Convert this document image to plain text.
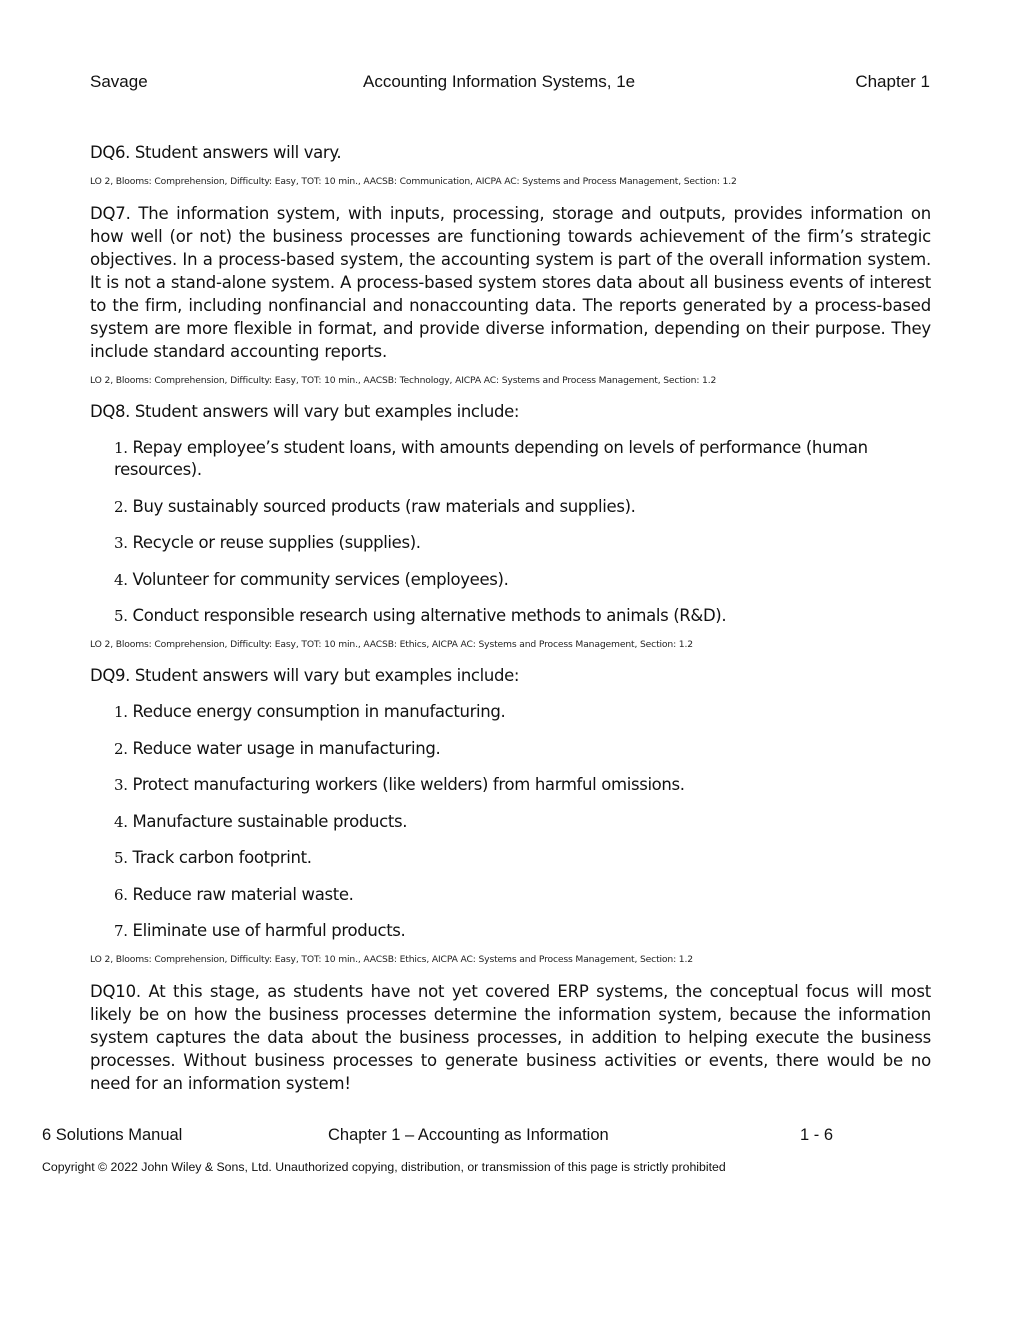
Savage	Accounting Information Systems, 1e	Chapter 1

DQ6. Student answers will vary.

LO 2, Blooms: Comprehension, Difficulty: Easy, TOT: 10 min., AACSB: Communication, AICPA AC: Systems and Process Management, Section: 1.2

DQ7. The information system, with inputs, processing, storage and outputs, provides information on how well (or not) the business processes are functioning towards achievement of the firm’s strategic objectives. In a process-based system, the accounting system is part of the overall information system. It is not a stand-alone system. A process-based system stores data about all business events of interest to the firm, including nonfinancial and nonaccounting data. The reports generated by a process-based system are more flexible in format, and provide diverse information, depending on their purpose. They include standard accounting reports.

LO 2, Blooms: Comprehension, Difficulty: Easy, TOT: 10 min., AACSB: Technology, AICPA AC: Systems and Process Management, Section: 1.2

DQ8. Student answers will vary but examples include:

1. Repay employee’s student loans, with amounts depending on levels of performance (human resources).
2. Buy sustainably sourced products (raw materials and supplies).
3. Recycle or reuse supplies (supplies).
4. Volunteer for community services (employees).
5. Conduct responsible research using alternative methods to animals (R&D).
LO 2, Blooms: Comprehension, Difficulty: Easy, TOT: 10 min., AACSB: Ethics, AICPA AC: Systems and Process Management, Section: 1.2

DQ9. Student answers will vary but examples include:

1. Reduce energy consumption in manufacturing.
2. Reduce water usage in manufacturing.
3. Protect manufacturing workers (like welders) from harmful omissions.
4. Manufacture sustainable products.
5. Track carbon footprint.
6. Reduce raw material waste.
7. Eliminate use of harmful products.
LO 2, Blooms: Comprehension, Difficulty: Easy, TOT: 10 min., AACSB: Ethics, AICPA AC: Systems and Process Management, Section: 1.2

DQ10. At this stage, as students have not yet covered ERP systems, the conceptual focus will most likely be on how the business processes determine the information system, because the information system captures the data about the business processes, in addition to helping execute the business processes. Without business processes to generate business activities or events, there would be no need for an information system!

6 Solutions Manual	Chapter 1 – Accounting as Information	1 - 6
Copyright © 2022 John Wiley & Sons, Ltd. Unauthorized copying, distribution, or transmission of this page is strictly prohibited
